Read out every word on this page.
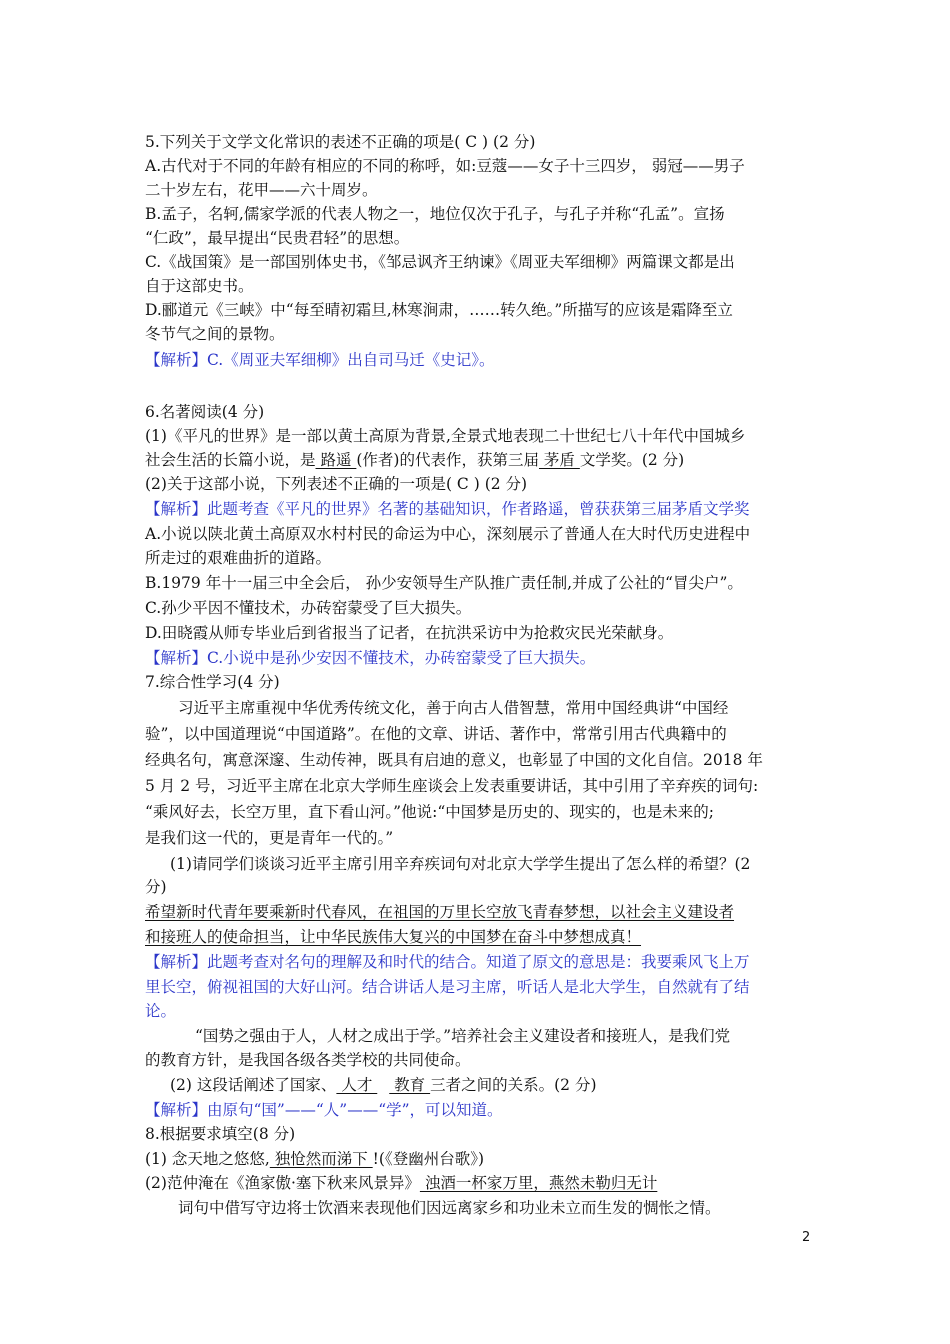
5.下列关于文学文化常识的表述不正确的项是( C ) (2 分)
A.古代对于不同的年龄有相应的不同的称呼，如:豆蔻——女子十三四岁， 弱冠——男子
二十岁左右，花甲——六十周岁。
B.孟子，名轲,儒家学派的代表人物之一，地位仅次于孔子，与孔子并称“孔孟”。宣扬
“仁政”，最早提出“民贵君轻”的思想。
C.《战国策》是一部国别体史书，《邹忌讽齐王纳谏》《周亚夫军细柳》两篇课文都是出
自于这部史书。
D.郦道元《三峡》中“每至晴初霜旦,林寒涧肃，……转久绝。”所描写的应该是霜降至立
冬节气之间的景物。
【解析】C.《周亚夫军细柳》出自司马迁《史记》。
6.名著阅读(4 分)
(1)《平凡的世界》是一部以黄土高原为背景,全景式地表现二十世纪七八十年代中国城乡
社会生活的长篇小说，是 路遥 (作者)的代表作，获第三届 茅盾 文学奖。(2 分)
(2)关于这部小说，下列表述不正确的一项是( C ) (2 分)
【解析】此题考查《平凡的世界》名著的基础知识，作者路遥，曾获获第三届茅盾文学奖
A.小说以陕北黄土高原双水村村民的命运为中心，深刻展示了普通人在大时代历史进程中
所走过的艰难曲折的道路。
B.1979 年十一届三中全会后， 孙少安领导生产队推广责任制,并成了公社的“冒尖户”。
C.孙少平因不懂技术，办砖窑蒙受了巨大损失。
D.田晓霞从师专毕业后到省报当了记者，在抗洪采访中为抢救灾民光荣献身。
【解析】C.小说中是孙少安因不懂技术，办砖窑蒙受了巨大损失。
7.综合性学习(4 分)
习近平主席重视中华优秀传统文化，善于向古人借智慧，常用中国经典讲“中国经
验”，以中国道理说“中国道路”。在他的文章、讲话、著作中，常常引用古代典籍中的
经典名句，寓意深邃、生动传神，既具有启迪的意义，也彰显了中国的文化自信。2018 年
5 月 2 号，习近平主席在北京大学师生座谈会上发表重要讲话，其中引用了辛弃疾的词句:
“乘风好去，长空万里，直下看山河。”他说:“中国梦是历史的、现实的，也是未来的;
是我们这一代的，更是青年一代的。”
(1)请同学们谈谈习近平主席引用辛弃疾词句对北京大学学生提出了怎么样的希望？(2
分)
希望新时代青年要乘新时代春风，在祖国的万里长空放飞青春梦想，以社会主义建设者
和接班人的使命担当，让中华民族伟大复兴的中国梦在奋斗中梦想成真！
【解析】此题考查对名句的理解及和时代的结合。知道了原文的意思是：我要乘风飞上万
里长空，俯视祖国的大好山河。结合讲话人是习主席，听话人是北大学生，自然就有了结
论。
“国势之强由于人，人材之成出于学。”培养社会主义建设者和接班人，是我们党
的教育方针，是我国各级各类学校的共同使命。
(2) 这段话阐述了国家、 人才  教育 三者之间的关系。(2 分)
【解析】由原句“国”——“人”——“学”，可以知道。
8.根据要求填空(8 分)
(1) 念天地之悠悠, 独怆然而涕下 !(《登幽州台歌》)
(2)范仲淹在《渔家傲·塞下秋来风景异》 浊酒一杯家万里，燕然未勒归无计
词句中借写守边将士饮酒来表现他们因远离家乡和功业未立而生发的惆怅之情。
2
